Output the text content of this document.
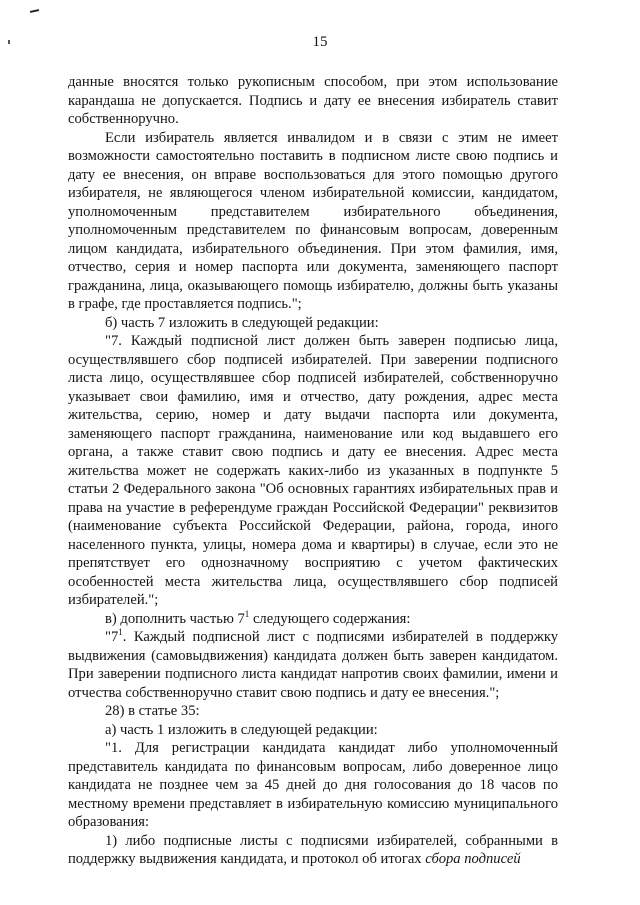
15

данные вносятся только рукописным способом, при этом использование карандаша не допускается. Подпись и дату ее внесения избиратель ставит собственноручно.

Если избиратель является инвалидом и в связи с этим не имеет возможности самостоятельно поставить в подписном листе свою подпись и дату ее внесения, он вправе воспользоваться для этого помощью другого избирателя, не являющегося членом избирательной комиссии, кандидатом, уполномоченным представителем избирательного объединения, уполномоченным представителем по финансовым вопросам, доверенным лицом кандидата, избирательного объединения. При этом фамилия, имя, отчество, серия и номер паспорта или документа, заменяющего паспорт гражданина, лица, оказывающего помощь избирателю, должны быть указаны в графе, где проставляется подпись.";

б) часть 7 изложить в следующей редакции:

"7. Каждый подписной лист должен быть заверен подписью лица, осуществлявшего сбор подписей избирателей. При заверении подписного листа лицо, осуществлявшее сбор подписей избирателей, собственноручно указывает свои фамилию, имя и отчество, дату рождения, адрес места жительства, серию, номер и дату выдачи паспорта или документа, заменяющего паспорт гражданина, наименование или код выдавшего его органа, а также ставит свою подпись и дату ее внесения. Адрес места жительства может не содержать каких-либо из указанных в подпункте 5 статьи 2 Федерального закона "Об основных гарантиях избирательных прав и права на участие в референдуме граждан Российской Федерации" реквизитов (наименование субъекта Российской Федерации, района, города, иного населенного пункта, улицы, номера дома и квартиры) в случае, если это не препятствует его однозначному восприятию с учетом фактических особенностей места жительства лица, осуществлявшего сбор подписей избирателей.";

в) дополнить частью $7^1$ следующего содержания:

"$7^1$. Каждый подписной лист с подписями избирателей в поддержку выдвижения (самовыдвижения) кандидата должен быть заверен кандидатом. При заверении подписного листа кандидат напротив своих фамилии, имени и отчества собственноручно ставит свою подпись и дату ее внесения.";

28) в статье 35:

а) часть 1 изложить в следующей редакции:

"1. Для регистрации кандидата кандидат либо уполномоченный представитель кандидата по финансовым вопросам, либо доверенное лицо кандидата не позднее чем за 45 дней до дня голосования до 18 часов по местному времени представляет в избирательную комиссию муниципального образования:

1) либо подписные листы с подписями избирателей, собранными в поддержку выдвижения кандидата, и протокол об итогах сбора подписей
